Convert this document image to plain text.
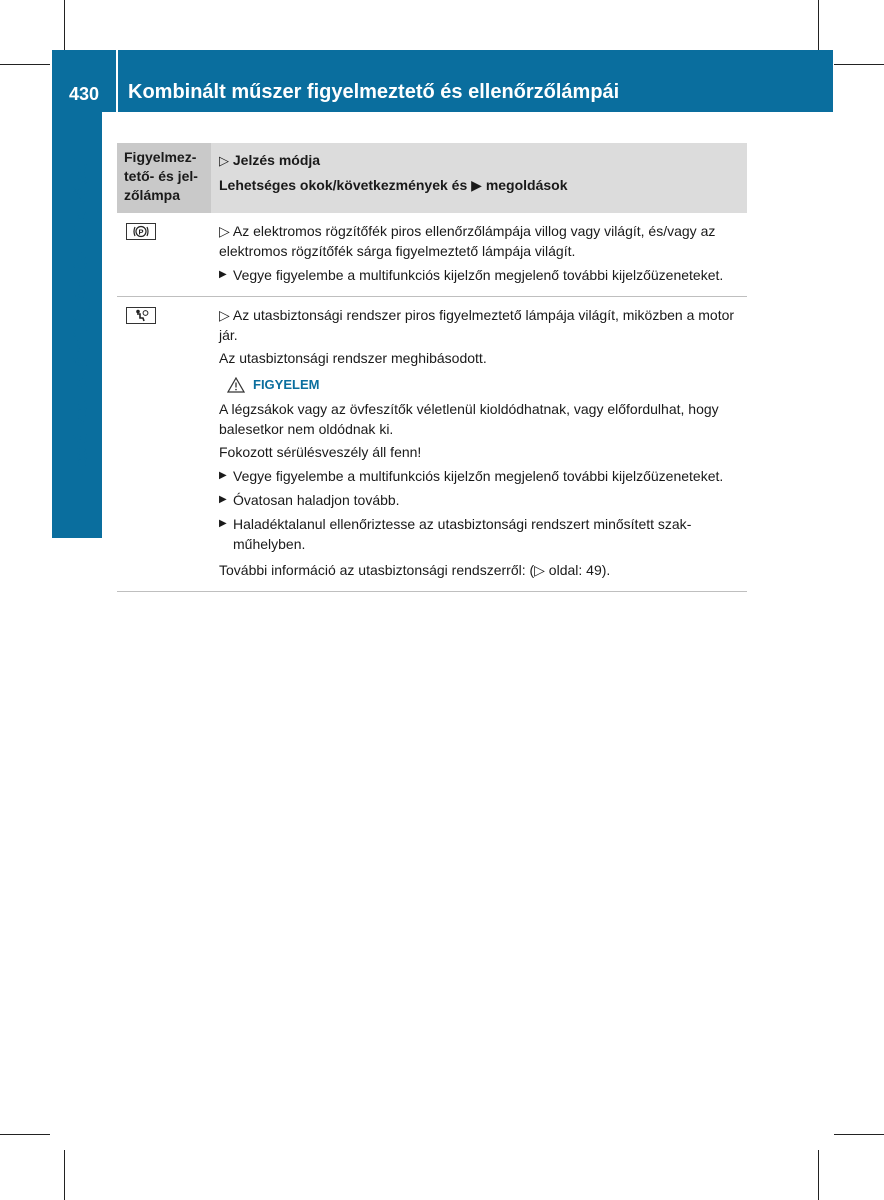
430	Kombinált műszer figyelmeztető és ellenőrzőlámpái
Fedélzeti számítógép és kijelzései Figyelmez-
tető- és jel-
zőlámpa
▷ Jelzés módja
Lehetséges okok/következmények és ▶ megoldások
P	▷ Az elektromos rögzítőfék piros ellenőrzőlámpája villog vagy világít, és/vagy az elektromos rögzítőfék sárga figyelmeztető lámpája világít.

▶ Vegye figyelembe a multifunkciós kijelzőn megjelenő további kijelzőüzeneteket.

▷ Az utasbiztonsági rendszer piros figyelmeztető lámpája világít, miközben a motor jár.

Az utasbiztonsági rendszer meghibásodott.

FIGYELEM

A légzsákok vagy az övfeszítők véletlenül kioldódhatnak, vagy előfordulhat, hogy balesetkor nem oldódnak ki.

Fokozott sérülésveszély áll fenn!

▶ Vegye figyelembe a multifunkciós kijelzőn megjelenő további kijelzőüzeneteket.
▶ Óvatosan haladjon tovább.
▶ Haladéktalanul ellenőriztesse az utasbiztonsági rendszert minősített szakműhelyben.

További információ az utasbiztonsági rendszerről: (▷ oldal: 49).
